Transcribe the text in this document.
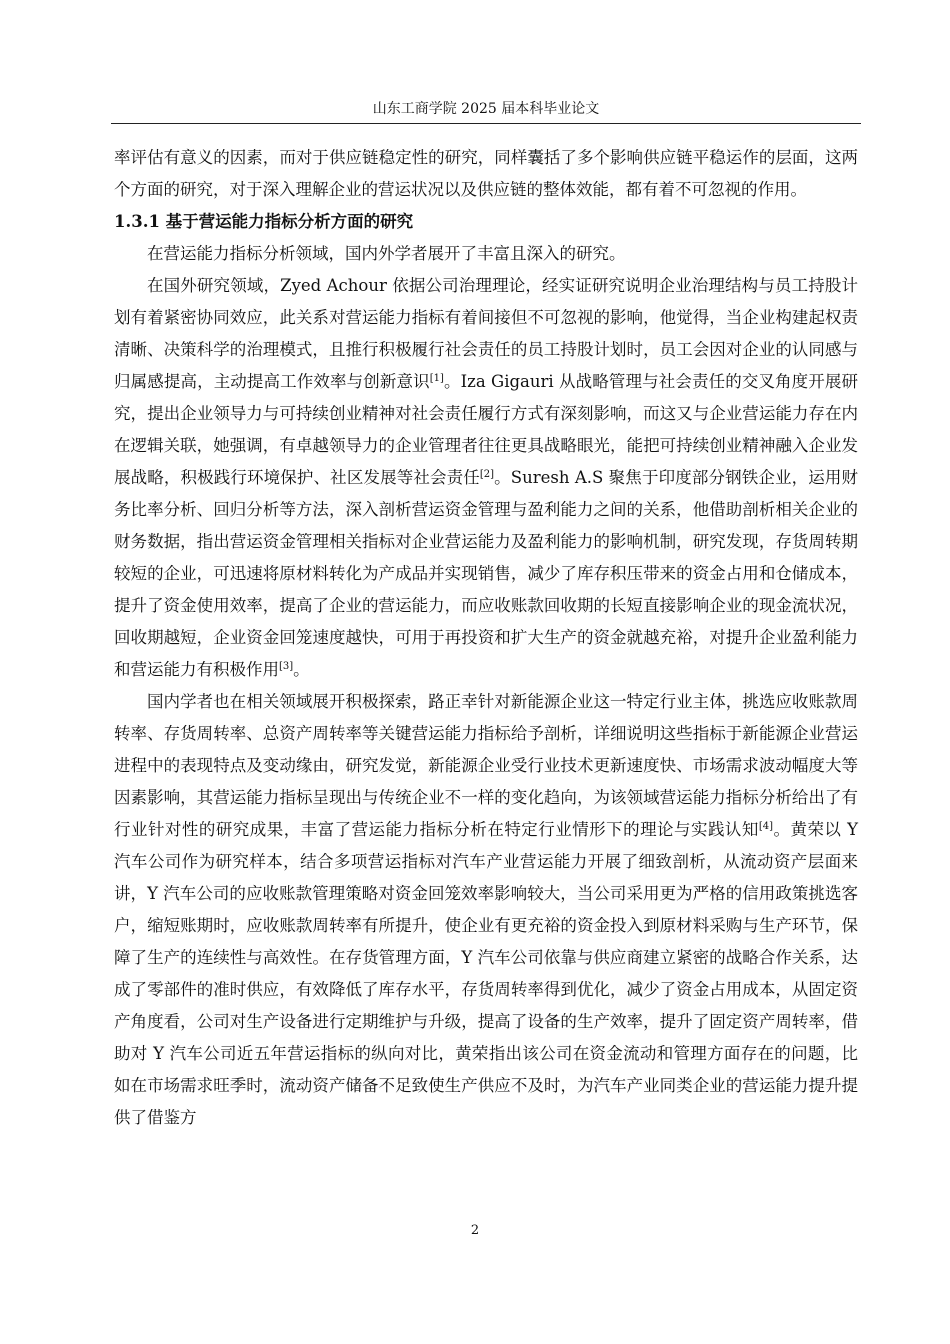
山东工商学院 2025 届本科毕业论文

率评估有意义的因素，而对于供应链稳定性的研究，同样囊括了多个影响供应链平稳运作的层面，这两个方面的研究，对于深入理解企业的营运状况以及供应链的整体效能，都有着不可忽视的作用。

1.3.1 基于营运能力指标分析方面的研究

在营运能力指标分析领域，国内外学者展开了丰富且深入的研究。

在国外研究领域，Zyed Achour 依据公司治理理论，经实证研究说明企业治理结构与员工持股计划有着紧密协同效应，此关系对营运能力指标有着间接但不可忽视的影响，他觉得，当企业构建起权责清晰、决策科学的治理模式，且推行积极履行社会责任的员工持股计划时，员工会因对企业的认同感与归属感提高，主动提高工作效率与创新意识[1]。Iza Gigauri 从战略管理与社会责任的交叉角度开展研究，提出企业领导力与可持续创业精神对社会责任履行方式有深刻影响，而这又与企业营运能力存在内在逻辑关联，她强调，有卓越领导力的企业管理者往往更具战略眼光，能把可持续创业精神融入企业发展战略，积极践行环境保护、社区发展等社会责任[2]。Suresh A.S 聚焦于印度部分钢铁企业，运用财务比率分析、回归分析等方法，深入剖析营运资金管理与盈利能力之间的关系，他借助剖析相关企业的财务数据，指出营运资金管理相关指标对企业营运能力及盈利能力的影响机制，研究发现，存货周转期较短的企业，可迅速将原材料转化为产成品并实现销售，减少了库存积压带来的资金占用和仓储成本，提升了资金使用效率，提高了企业的营运能力，而应收账款回收期的长短直接影响企业的现金流状况，回收期越短，企业资金回笼速度越快，可用于再投资和扩大生产的资金就越充裕，对提升企业盈利能力和营运能力有积极作用[3]。

国内学者也在相关领域展开积极探索，路正幸针对新能源企业这一特定行业主体，挑选应收账款周转率、存货周转率、总资产周转率等关键营运能力指标给予剖析，详细说明这些指标于新能源企业营运进程中的表现特点及变动缘由，研究发觉，新能源企业受行业技术更新速度快、市场需求波动幅度大等因素影响，其营运能力指标呈现出与传统企业不一样的变化趋向，为该领域营运能力指标分析给出了有行业针对性的研究成果，丰富了营运能力指标分析在特定行业情形下的理论与实践认知[4]。黄荣以 Y 汽车公司作为研究样本，结合多项营运指标对汽车产业营运能力开展了细致剖析，从流动资产层面来讲，Y 汽车公司的应收账款管理策略对资金回笼效率影响较大，当公司采用更为严格的信用政策挑选客户，缩短账期时，应收账款周转率有所提升，使企业有更充裕的资金投入到原材料采购与生产环节，保障了生产的连续性与高效性。在存货管理方面，Y 汽车公司依靠与供应商建立紧密的战略合作关系，达成了零部件的准时供应，有效降低了库存水平，存货周转率得到优化，减少了资金占用成本，从固定资产角度看，公司对生产设备进行定期维护与升级，提高了设备的生产效率，提升了固定资产周转率，借助对 Y 汽车公司近五年营运指标的纵向对比，黄荣指出该公司在资金流动和管理方面存在的问题，比如在市场需求旺季时，流动资产储备不足致使生产供应不及时，为汽车产业同类企业的营运能力提升提供了借鉴方

2
